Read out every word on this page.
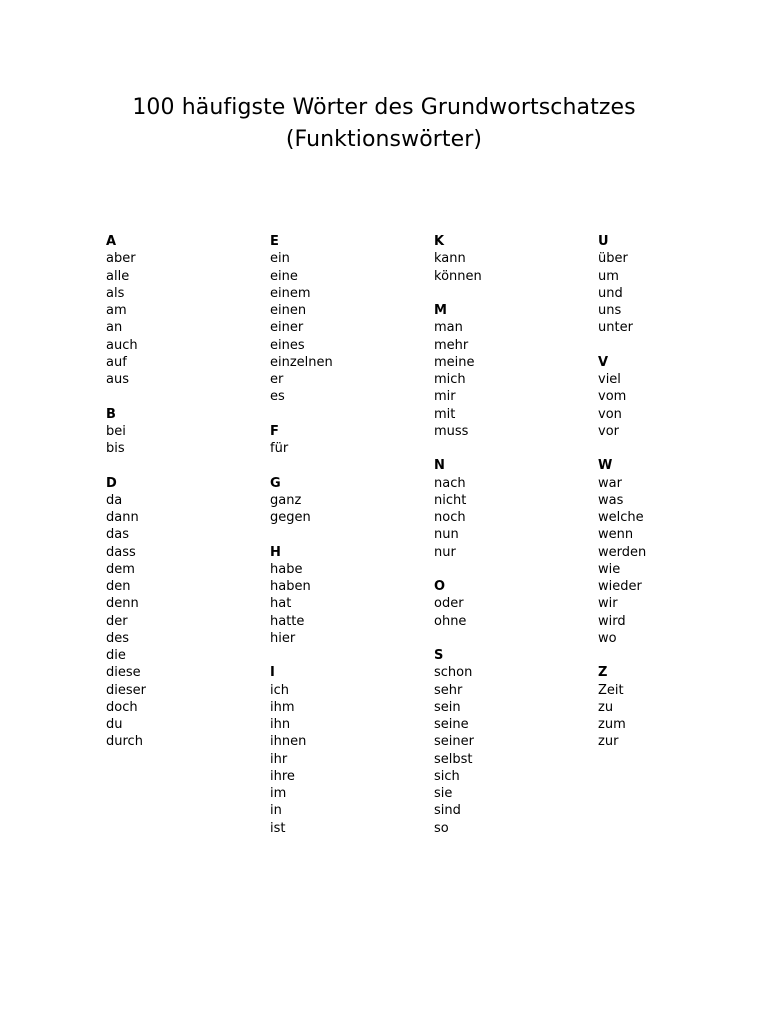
100 häufigste Wörter des Grundwortschatzes
(Funktionswörter)
A
aber
alle
als
am
an
auch
auf
aus
B
bei
bis
D
da
dann
das
dass
dem
den
denn
der
des
die
diese
dieser
doch
du
durch
E
ein
eine
einem
einen
einer
eines
einzelnen
er
es
F
für
G
ganz
gegen
H
habe
haben
hat
hatte
hier
I
ich
ihm
ihn
ihnen
ihr
ihre
im
in
ist
K
kann
können
M
man
mehr
meine
mich
mir
mit
muss
N
nach
nicht
noch
nun
nur
O
oder
ohne
S
schon
sehr
sein
seine
seiner
selbst
sich
sie
sind
so
U
über
um
und
uns
unter
V
viel
vom
von
vor
W
war
was
welche
wenn
werden
wie
wieder
wir
wird
wo
Z
Zeit
zu
zum
zur
